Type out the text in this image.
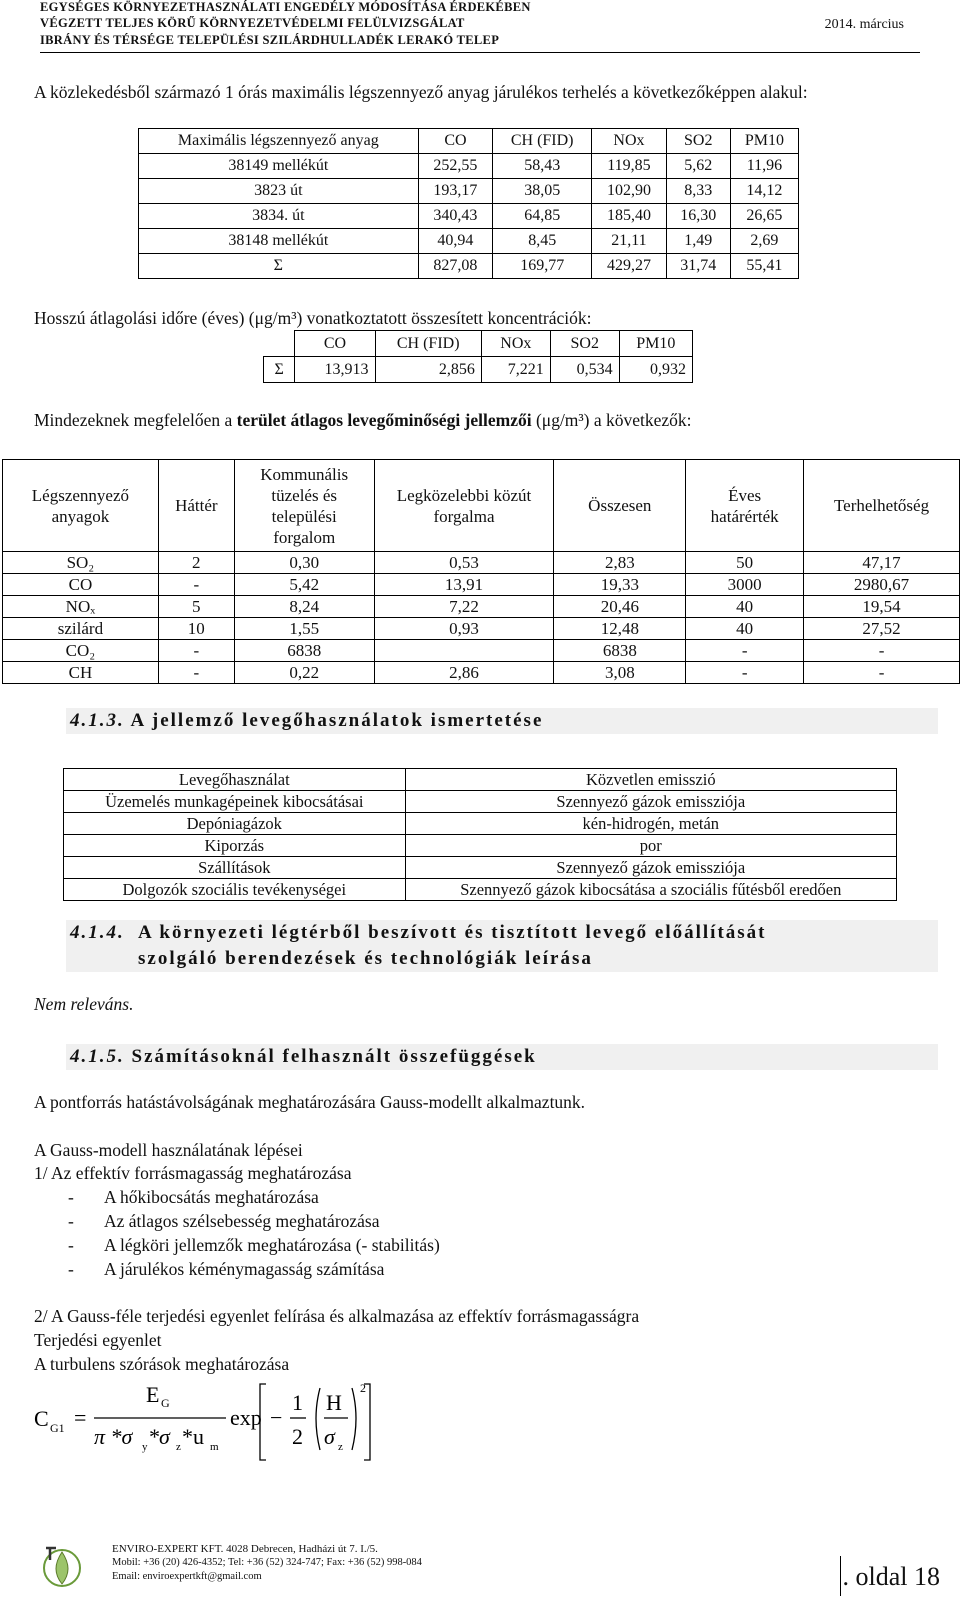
EGYSÉGES KÖRNYEZETHASZNÁLATI ENGEDÉLY MÓDOSÍTÁSA ÉRDEKÉBEN
VÉGZETT TELJES KÖRŰ KÖRNYEZETVÉDELMI FELÜLVIZSGÁLAT
IBRÁNY ÉS TÉRSÉGE TELEPÜLÉSI SZILÁRDHULLADÉK LERAKÓ TELEP
2014. március
A közlekedésből származó 1 órás maximális légszennyező anyag járulékos terhelés a következőképpen alakul:
Maximális légszennyező anyag	CO	CH (FID)	NOx	SO2	PM10
38149 mellékút	252,55	58,43	119,85	5,62	11,96
3823 út	193,17	38,05	102,90	8,33	14,12
3834. út	340,43	64,85	185,40	16,30	26,65
38148 mellékút	40,94	8,45	21,11	1,49	2,69
Σ	827,08	169,77	429,27	31,74	55,41
Hosszú átlagolási időre (éves) (μg/m³) vonatkoztatott összesített koncentrációk:
	CO	CH (FID)	NOx	SO2	PM10
Σ	13,913	2,856	7,221	0,534	0,932
Mindezeknek megfelelően a terület átlagos levegőminőségi jellemzői (μg/m³) a következők:
Légszennyező anyagok	Háttér	Kommunális tüzelés és települési forgalom	Legközelebbi közút forgalma	Összesen	Éves határérték	Terhelhetőség
SO₂	2	0,30	0,53	2,83	50	47,17
CO	-	5,42	13,91	19,33	3000	2980,67
NOₓ	5	8,24	7,22	20,46	40	19,54
szilárd	10	1,55	0,93	12,48	40	27,52
CO₂	-	6838		6838	-	-
CH	-	0,22	2,86	3,08	-	-
4.1.3. A jellemző levegőhasználatok ismertetése
Levegőhasználat	Közvetlen emisszió
Üzemelés munkagépeinek kibocsátásai	Szennyező gázok emissziója
Depóniagázok	kén-hidrogén, metán
Kiporzás	por
Szállítások	Szennyező gázok emissziója
Dolgozók szociális tevékenységei	Szennyező gázok kibocsátása a szociális fűtésből eredően
4.1.4. A környezeti légtérből beszívott és tisztított levegő előállítását
szolgáló berendezések és technológiák leírása
Nem releváns.
4.1.5. Számításoknál felhasznált összefüggések
A pontforrás hatástávolságának meghatározására Gauss-modellt alkalmaztunk.
A Gauss-modell használatának lépései
1/ Az effektív forrásmagasság meghatározása
- A hőkibocsátás meghatározása
- Az átlagos szélsebesség meghatározása
- A légköri jellemzők meghatározása (- stabilitás)
- A járulékos kéménymagasság számítása
2/ A Gauss-féle terjedési egyenlet felírása és alkalmazása az effektív forrásmagasságra
Terjedési egyenlet
A turbulens szórások meghatározása
C G1 =
E G
π *σ y *σ z *u m
exp −
1
2
H
σ z
2
ENVIRO-EXPERT KFT. 4028 Debrecen, Hadházi út 7. I./5.
Mobil: +36 (20) 426-4352; Tel: +36 (52) 324-747; Fax: +36 (52) 998-084
Email: enviroexpertkft@gmail.com	. oldal 18
